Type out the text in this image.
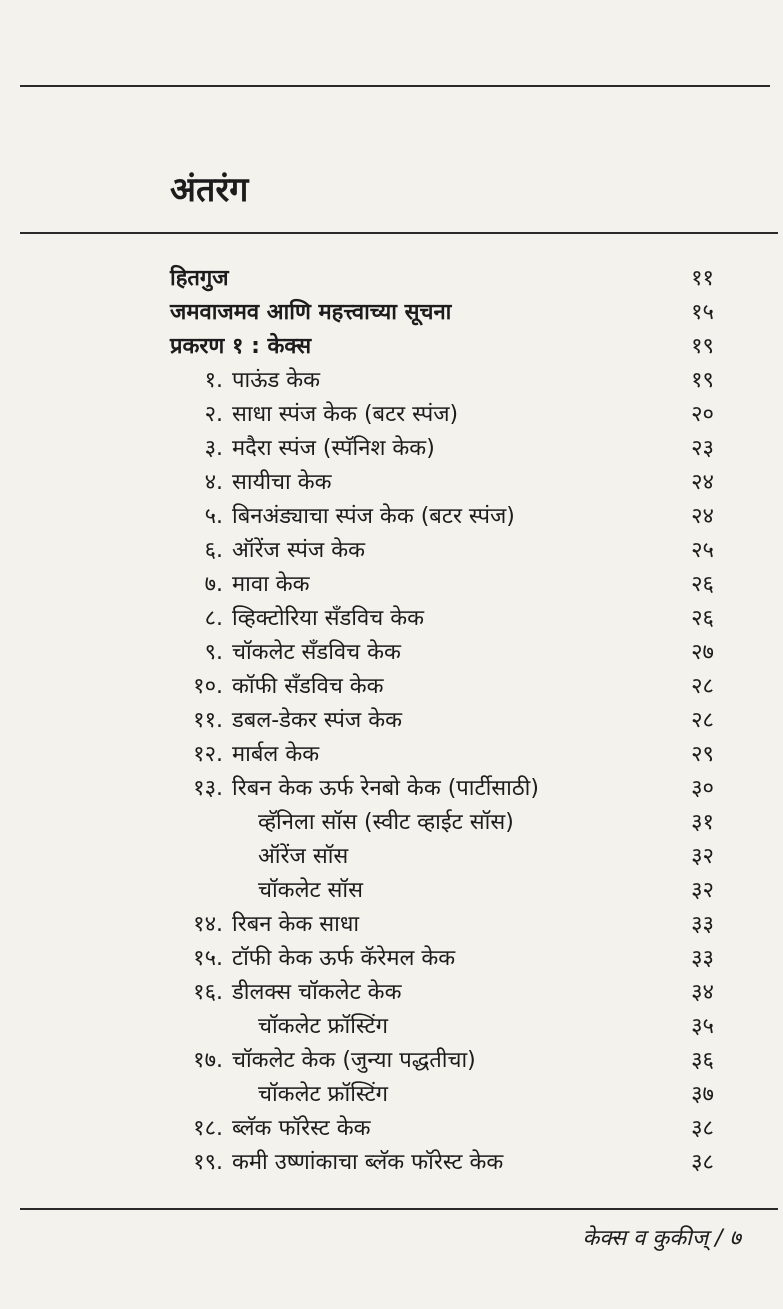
अंतरंग
हितगुज	११
जमवाजमव आणि महत्त्वाच्या सूचना	१५
प्रकरण १ : केक्स	१९
१. पाऊंड केक	१९
२. साधा स्पंज केक (बटर स्पंज)	२०
३. मदैरा स्पंज (स्पॅनिश केक)	२३
४. सायीचा केक	२४
५. बिनअंड्याचा स्पंज केक (बटर स्पंज)	२४
६. ऑरेंज स्पंज केक	२५
७. मावा केक	२६
८. व्हिक्टोरिया सँडविच केक	२६
९. चॉकलेट सँडविच केक	२७
१०. कॉफी सँडविच केक	२८
११. डबल-डेकर स्पंज केक	२८
१२. मार्बल केक	२९
१३. रिबन केक ऊर्फ रेनबो केक (पार्टीसाठी)	३०
व्हॅनिला सॉस (स्वीट व्हाईट सॉस)	३१
ऑरेंज सॉस	३२
चॉकलेट सॉस	३२
१४. रिबन केक साधा	३३
१५. टॉफी केक ऊर्फ कॅरेमल केक	३३
१६. डीलक्स चॉकलेट केक	३४
चॉकलेट फ्रॉस्टिंग	३५
१७. चॉकलेट केक (जुन्या पद्धतीचा)	३६
चॉकलेट फ्रॉस्टिंग	३७
१८. ब्लॅक फॉरेस्ट केक	३८
१९. कमी उष्णांकाचा ब्लॅक फॉरेस्ट केक	३८
केक्स व कुकीज् / ७
